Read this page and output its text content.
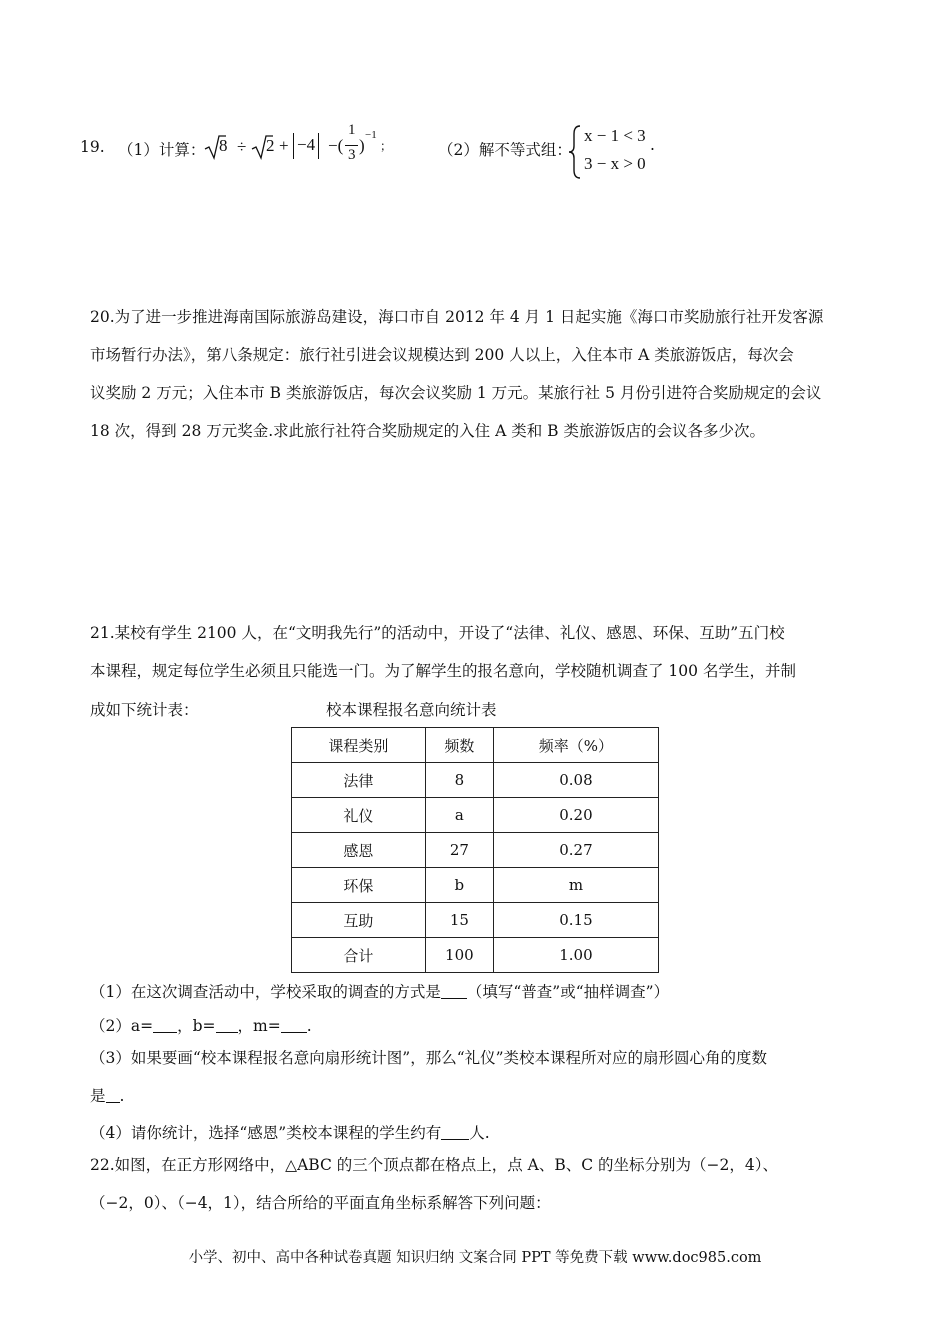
19. （1）计算： 8 ÷ 2 + −4 −(
1
3 )
−1
；	（2）解不等式组：
x − 1 < 3
3 − x > 0
.

20.为了进一步推进海南国际旅游岛建设，海口市自 2012 年 4 月 1 日起实施《海口市奖励旅行社开发客源

市场暂行办法》，第八条规定：旅行社引进会议规模达到 200 人以上，入住本市 A 类旅游饭店，每次会

议奖励 2 万元；入住本市 B 类旅游饭店，每次会议奖励 1 万元。某旅行社 5 月份引进符合奖励规定的会议

18 次，得到 28 万元奖金.求此旅行社符合奖励规定的入住 A 类和 B 类旅游饭店的会议各多少次。

21.某校有学生 2100 人，在“文明我先行”的活动中，开设了“法律、礼仪、感恩、环保、互助”五门校

本课程，规定每位学生必须且只能选一门。为了解学生的报名意向，学校随机调查了 100 名学生，并制

成如下统计表：	校本课程报名意向统计表
课程类别	频数	频率（%）
法律	8	0.08
礼仪	a	0.20
感恩	27	0.27
环保	b	m
互助	15	0.15
合计	100	1.00
（1）在这次调查活动中，学校采取的调查的方式是 （填写“普查”或“抽样调查”）
（2）a= ，b= ，m= .

（3）如果要画“校本课程报名意向扇形统计图”，那么“礼仪”类校本课程所对应的扇形圆心角的度数

是 .

（4）请你统计，选择“感恩”类校本课程的学生约有 人.

22.如图，在正方形网络中，△ABC 的三个顶点都在格点上，点 A、B、C 的坐标分别为（−2，4）、

（−2，0）、（−4，1），结合所给的平面直角坐标系解答下列问题：

小学、初中、高中各种试卷真题 知识归纳 文案合同 PPT 等免费下载 www.doc985.com
